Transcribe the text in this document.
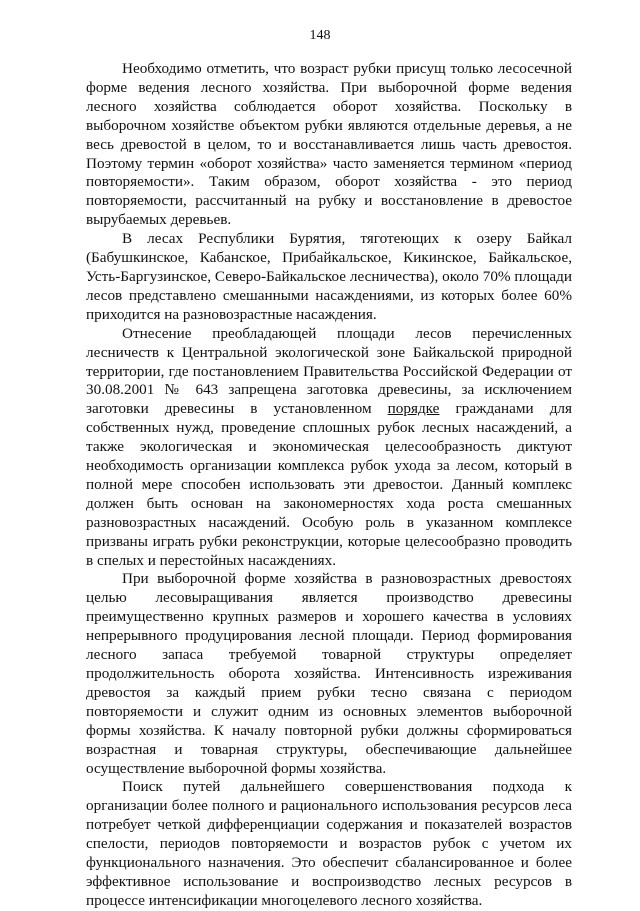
148

Необходимо отметить, что возраст рубки присущ только лесосечной форме ведения лесного хозяйства. При выборочной форме ведения лесного хозяйства соблюдается оборот хозяйства. Поскольку в выборочном хозяйстве объектом рубки являются отдельные деревья, а не весь древостой в целом, то и восстанавливается лишь часть древостоя. Поэтому термин «оборот хозяйства» часто заменяется термином «период повторяемости». Таким образом, оборот хозяйства - это период повторяемости, рассчитанный на рубку и восстановление в древостое вырубаемых деревьев.

В лесах Республики Бурятия, тяготеющих к озеру Байкал (Бабушкинское, Кабанское, Прибайкальское, Кикинское, Байкальское, Усть-Баргузинское, Северо-Байкальское лесничества), около 70% площади лесов представлено смешанными насаждениями, из которых более 60% приходится на разновозрастные насаждения.

Отнесение преобладающей площади лесов перечисленных лесничеств к Центральной экологической зоне Байкальской природной территории, где постановлением Правительства Российской Федерации от 30.08.2001 № 643 запрещена заготовка древесины, за исключением заготовки древесины в установленном порядке гражданами для собственных нужд, проведение сплошных рубок лесных насаждений, а также экологическая и экономическая целесообразность диктуют необходимость организации комплекса рубок ухода за лесом, который в полной мере способен использовать эти древостои. Данный комплекс должен быть основан на закономерностях хода роста смешанных разновозрастных насаждений. Особую роль в указанном комплексе призваны играть рубки реконструкции, которые целесообразно проводить в спелых и перестойных насаждениях.

При выборочной форме хозяйства в разновозрастных древостоях целью лесовыращивания является производство древесины преимущественно крупных размеров и хорошего качества в условиях непрерывного продуцирования лесной площади. Период формирования лесного запаса требуемой товарной структуры определяет продолжительность оборота хозяйства. Интенсивность изреживания древостоя за каждый прием рубки тесно связана с периодом повторяемости и служит одним из основных элементов выборочной формы хозяйства. К началу повторной рубки должны сформироваться возрастная и товарная структуры, обеспечивающие дальнейшее осуществление выборочной формы хозяйства.

Поиск путей дальнейшего совершенствования подхода к организации более полного и рационального использования ресурсов леса потребует четкой дифференциации содержания и показателей возрастов спелости, периодов повторяемости и возрастов рубок с учетом их функционального назначения. Это обеспечит сбалансированное и более эффективное использование и воспроизводство лесных ресурсов в процессе интенсификации многоцелевого лесного хозяйства.
